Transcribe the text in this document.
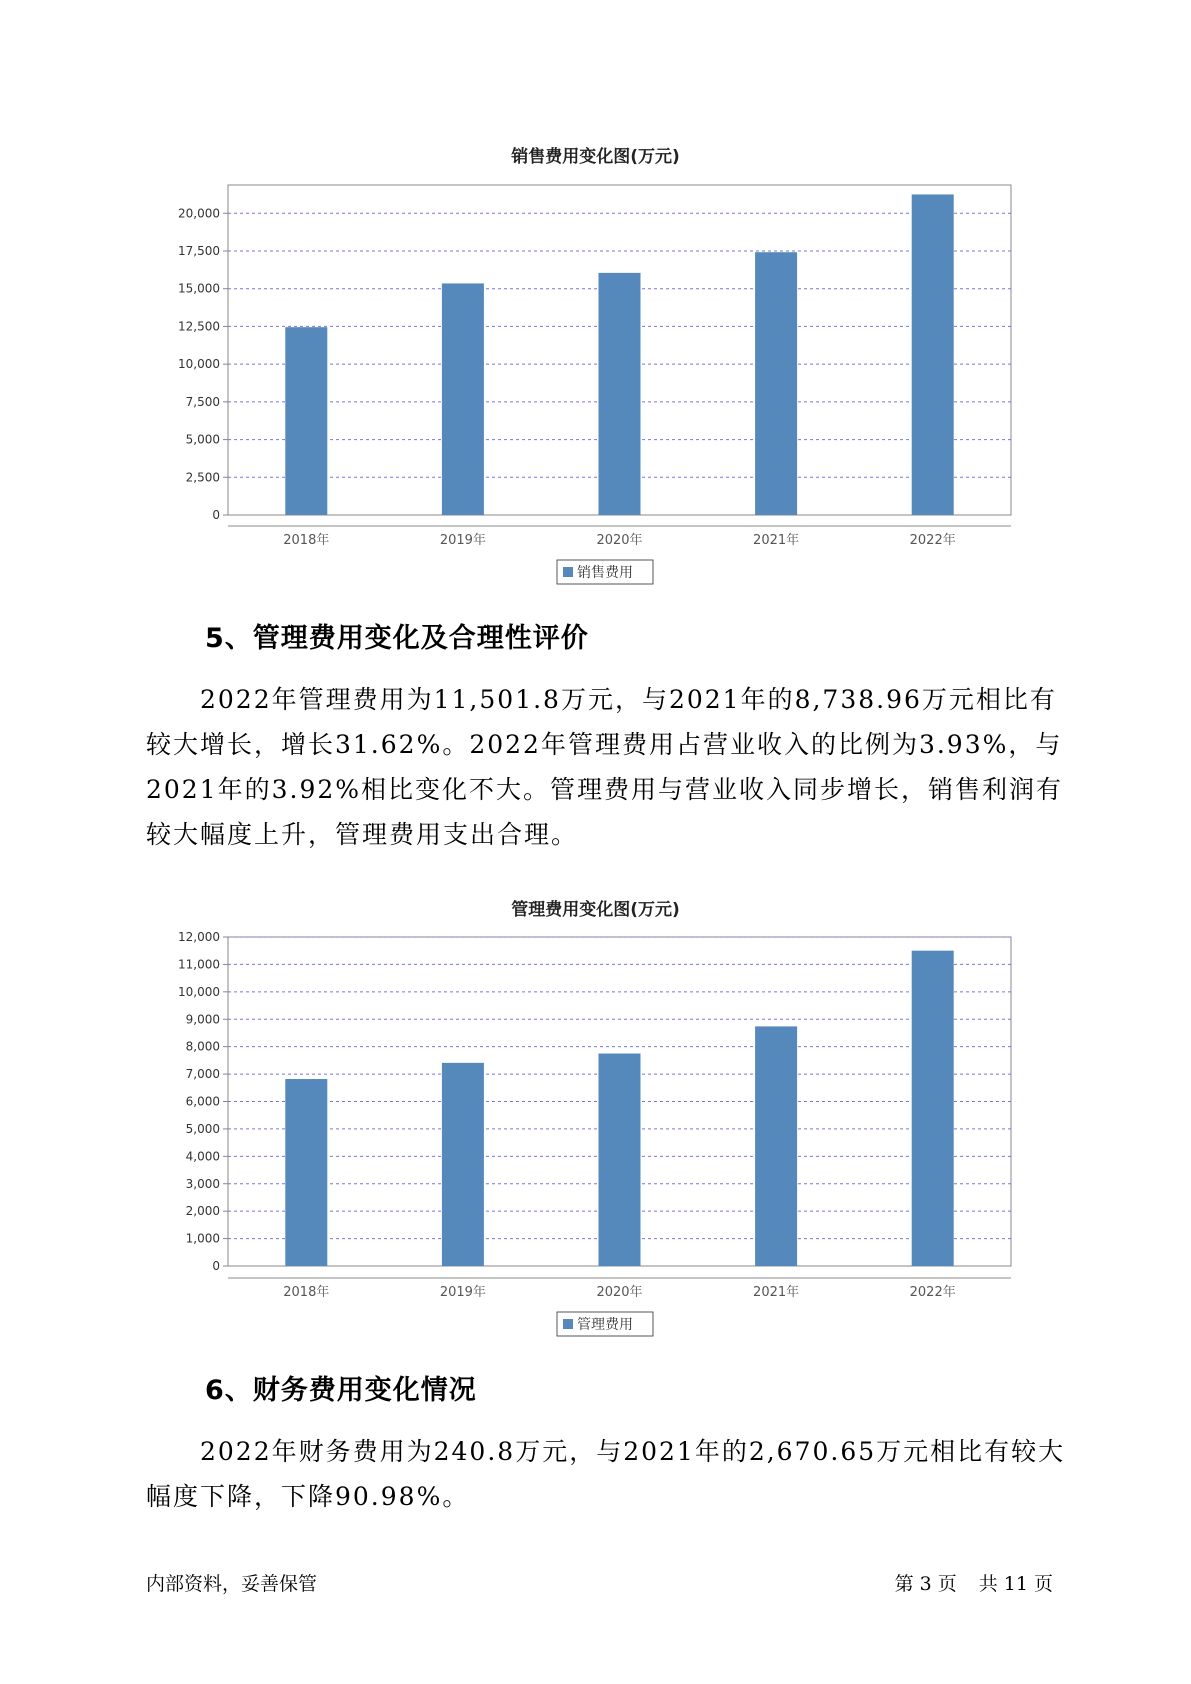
销售费用变化图(万元)
0
2,500
5,000
7,500
10,000
12,500
15,000
17,500
20,000
2018年	2019年	2020年	2021年	2022年
销售费用
5、管理费用变化及合理性评价

2022年管理费用为11,501.8万元，与2021年的8,738.96万元相比有较大增长，增长31.62%。2022年管理费用占营业收入的比例为3.93%，与2021年的3.92%相比变化不大。管理费用与营业收入同步增长，销售利润有较大幅度上升，管理费用支出合理。

管理费用变化图(万元)
0
1,000
2,000
3,000
4,000
5,000
6,000
7,000
8,000
9,000
10,000
11,000
12,000
2018年	2019年	2020年	2021年	2022年
管理费用
6、财务费用变化情况

2022年财务费用为240.8万元，与2021年的2,670.65万元相比有较大幅度下降，下降90.98%。

内部资料，妥善保管	第 3 页 共 11 页
